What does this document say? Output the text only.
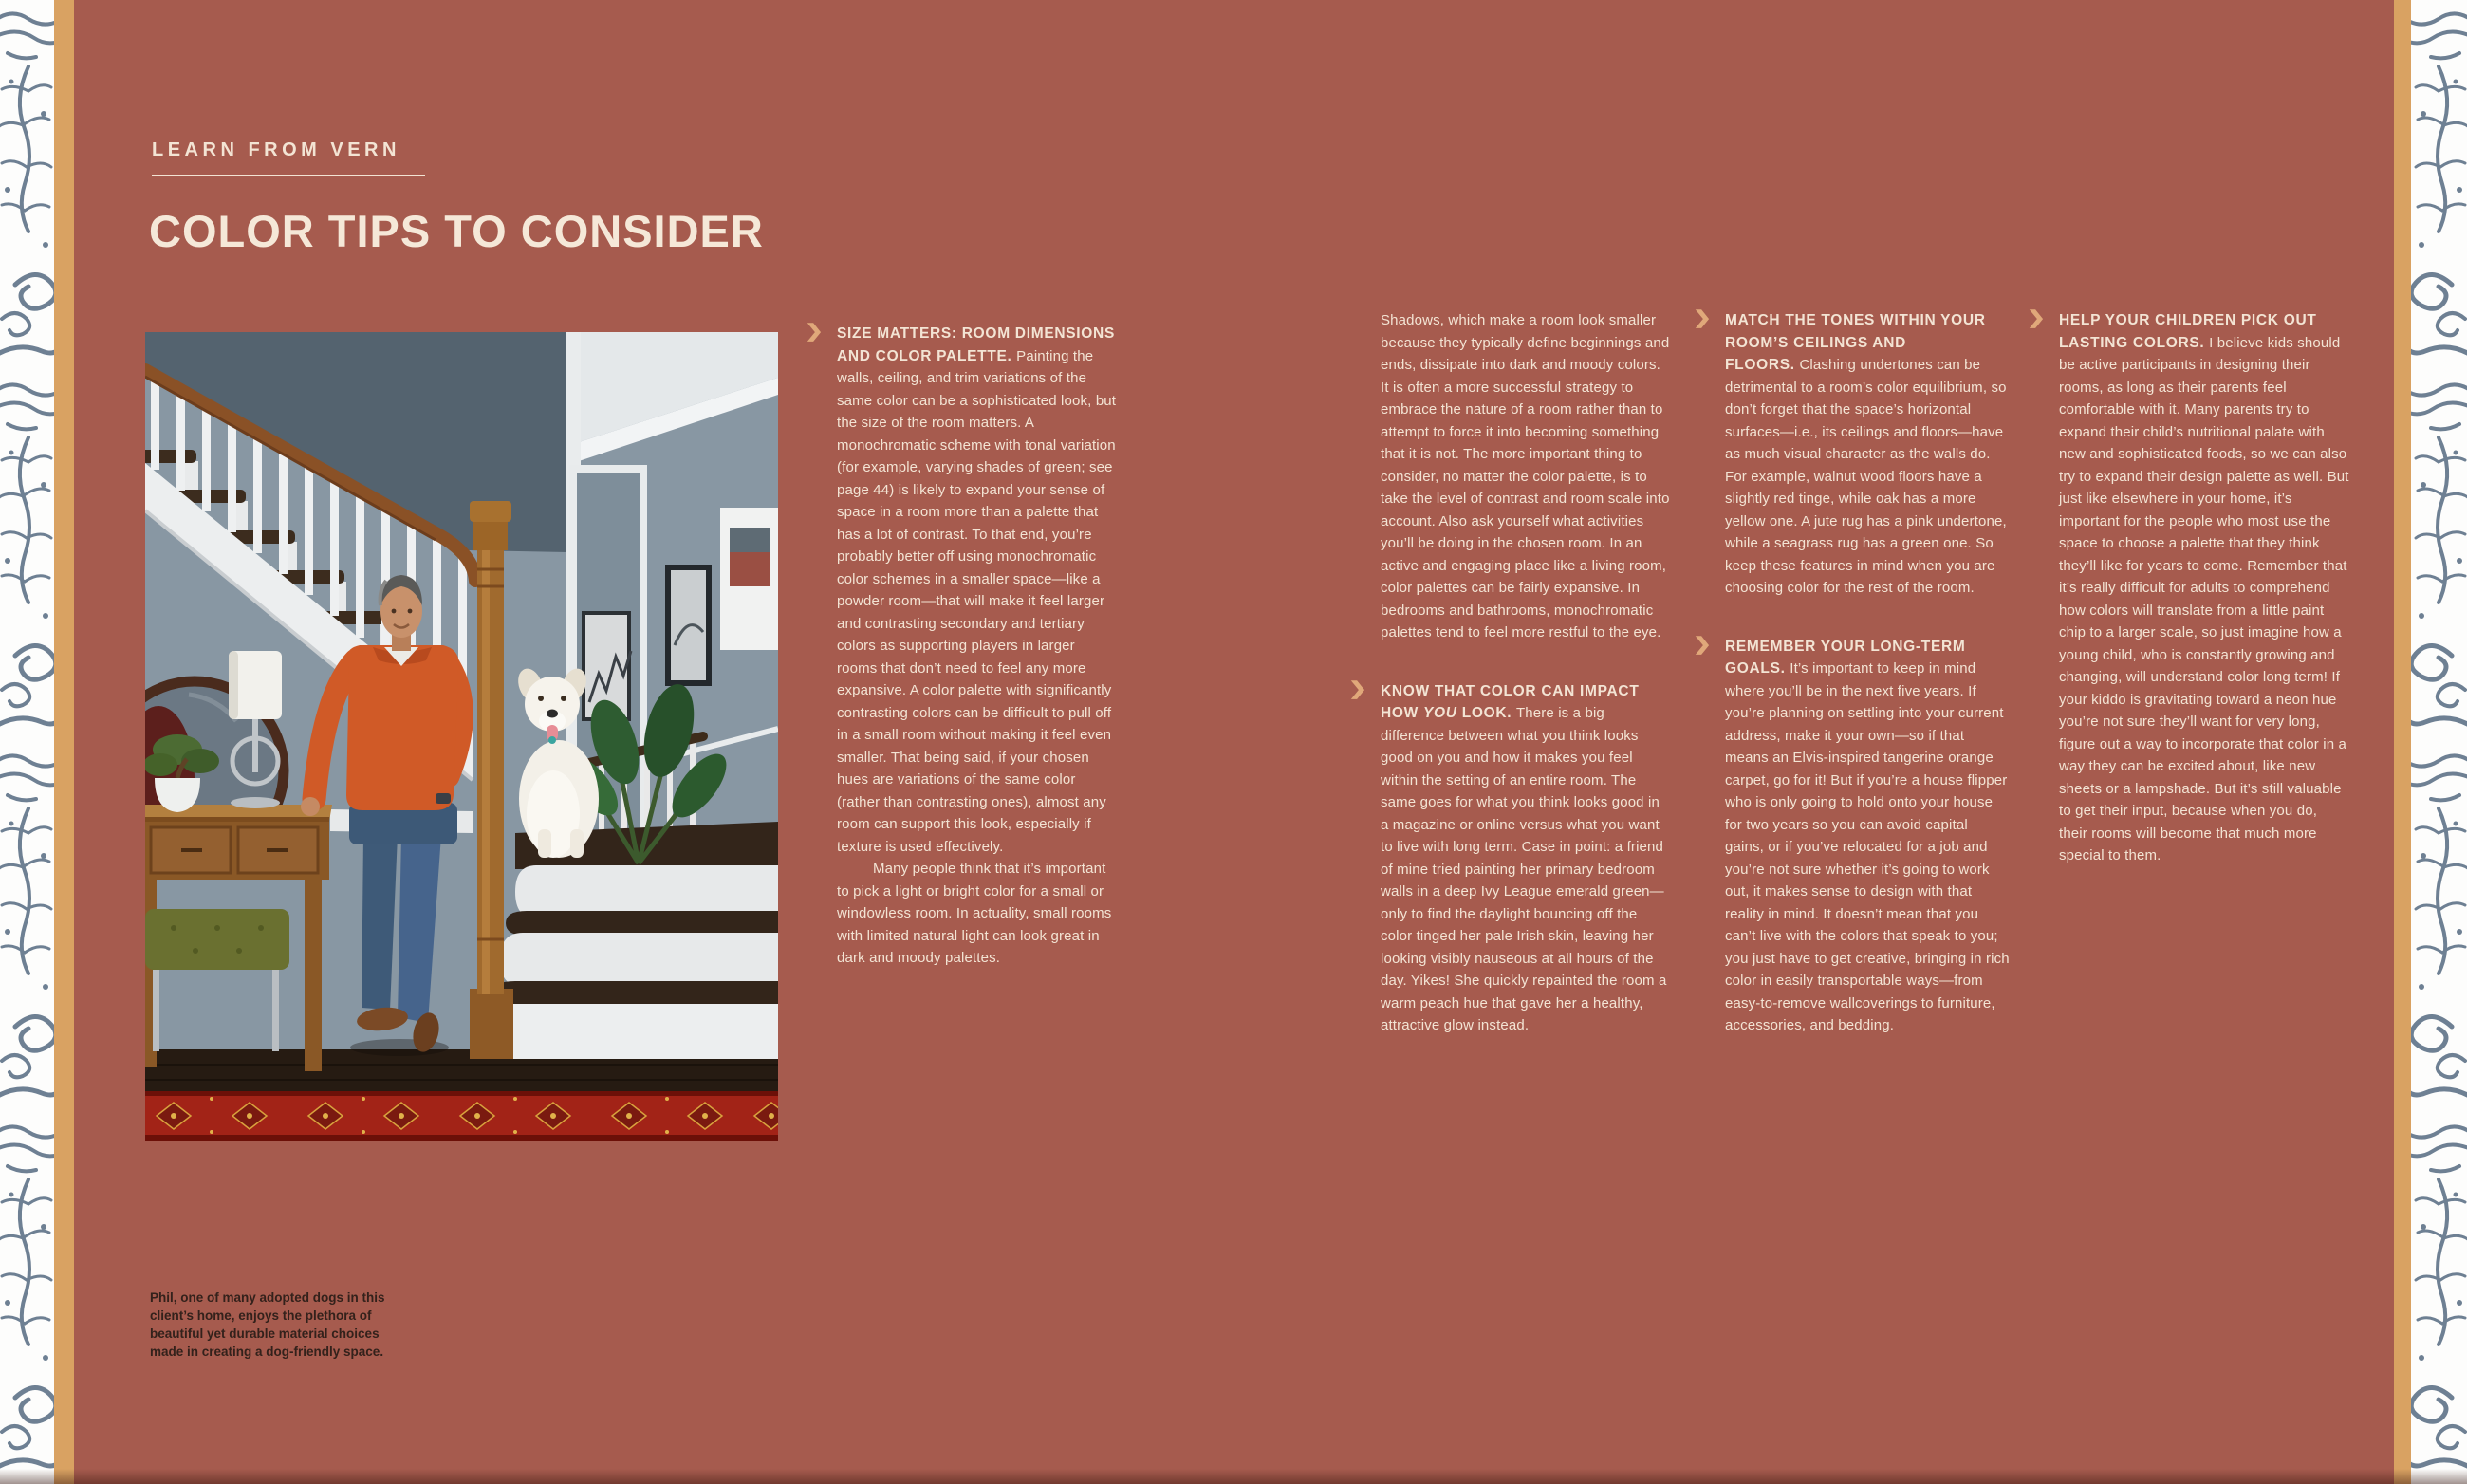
LEARN FROM VERN
COLOR TIPS TO CONSIDER

Phil, one of many adopted dogs in this client’s home, enjoys the plethora of beautiful yet durable material choices made in creating a dog-friendly space.

❯ SIZE MATTERS: ROOM DIMENSIONS AND COLOR PALETTE. Painting the walls, ceiling, and trim variations of the same color can be a sophisticated look, but the size of the room matters. A monochromatic scheme with tonal variation (for example, varying shades of green; see page 44) is likely to expand your sense of space in a room more than a palette that has a lot of contrast. To that end, you’re probably better off using monochromatic color schemes in a smaller space—like a powder room—that will make it feel larger and contrasting secondary and tertiary colors as supporting players in larger rooms that don’t need to feel any more expansive. A color palette with significantly contrasting colors can be difficult to pull off in a small room without making it feel even smaller. That being said, if your chosen hues are variations of the same color (rather than contrasting ones), almost any room can support this look, especially if texture is used effectively.

Many people think that it’s important to pick a light or bright color for a small or windowless room. In actuality, small rooms with limited natural light can look great in dark and moody palettes.

Shadows, which make a room look smaller because they typically define beginnings and ends, dissipate into dark and moody colors. It is often a more successful strategy to embrace the nature of a room rather than to attempt to force it into becoming something that it is not. The more important thing to consider, no matter the color palette, is to take the level of contrast and room scale into account. Also ask yourself what activities you’ll be doing in the chosen room. In an active and engaging place like a living room, color palettes can be fairly expansive. In bedrooms and bathrooms, monochromatic palettes tend to feel more restful to the eye.

❯ KNOW THAT COLOR CAN IMPACT HOW YOU LOOK. There is a big difference between what you think looks good on you and how it makes you feel within the setting of an entire room. The same goes for what you think looks good in a magazine or online versus what you want to live with long term. Case in point: a friend of mine tried painting her primary bedroom walls in a deep Ivy League emerald green—only to find the daylight bouncing off the color tinged her pale Irish skin, leaving her looking visibly nauseous at all hours of the day. Yikes! She quickly repainted the room a warm peach hue that gave her a healthy, attractive glow instead.

❯ MATCH THE TONES WITHIN YOUR ROOM’S CEILINGS AND FLOORS. Clashing undertones can be detrimental to a room’s color equilibrium, so don’t forget that the space’s horizontal surfaces—i.e., its ceilings and floors—have as much visual character as the walls do. For example, walnut wood floors have a slightly red tinge, while oak has a more yellow one. A jute rug has a pink undertone, while a seagrass rug has a green one. So keep these features in mind when you are choosing color for the rest of the room.

❯ REMEMBER YOUR LONG-TERM GOALS. It’s important to keep in mind where you’ll be in the next five years. If you’re planning on settling into your current address, make it your own—so if that means an Elvis-inspired tangerine orange carpet, go for it! But if you’re a house flipper who is only going to hold onto your house for two years so you can avoid capital gains, or if you’ve relocated for a job and you’re not sure whether it’s going to work out, it makes sense to design with that reality in mind. It doesn’t mean that you can’t live with the colors that speak to you; you just have to get creative, bringing in rich color in easily transportable ways—from easy-to-remove wallcoverings to furniture, accessories, and bedding.

❯ HELP YOUR CHILDREN PICK OUT LASTING COLORS. I believe kids should be active participants in designing their rooms, as long as their parents feel comfortable with it. Many parents try to expand their child’s nutritional palate with new and sophisticated foods, so we can also try to expand their design palette as well. But just like elsewhere in your home, it’s important for the people who most use the space to choose a palette that they think they’ll like for years to come. Remember that it’s really difficult for adults to comprehend how colors will translate from a little paint chip to a larger scale, so just imagine how a young child, who is constantly growing and changing, will understand color long term! If your kiddo is gravitating toward a neon hue you’re not sure they’ll want for very long, figure out a way to incorporate that color in a way they can be excited about, like new sheets or a lampshade. But it’s still valuable to get their input, because when you do, their rooms will become that much more special to them.
